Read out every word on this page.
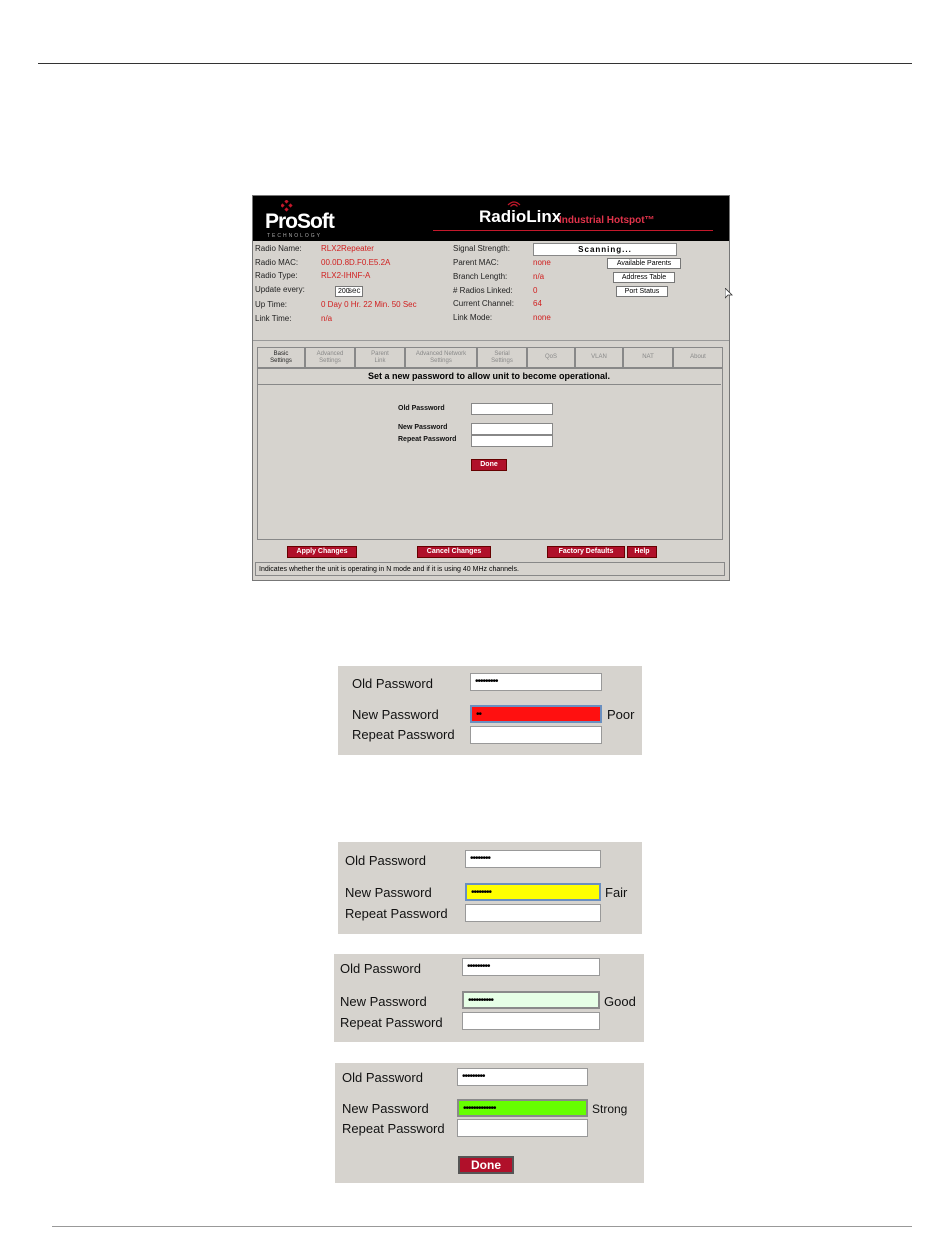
ProSoft
TECHNOLOGY
RadioLinx
Industrial Hotspot™
Radio Name: RLX2Repeater
Radio MAC:	00.0D.8D.F0.E5.2A
Radio Type:	RLX2-IHNF-A
Update every:	200
sec
Up Time:	0 Day 0 Hr. 22 Min. 50 Sec
Link Time:	n/a
Signal Strength:	Scanning...
Parent MAC:	none
Branch Length:	n/a
# Radios Linked:	0
Current Channel: 64
Link Mode:	none
Available Parents
Address Table
Port Status
Basic
Settings
Advanced
Settings
Parent
Link
Advanced Network
Settings
Serial
Settings
QoS	VLAN	NAT	About
Set a new password to allow unit to become operational.
Old Password
New Password
Repeat Password
Done
Apply Changes	Cancel Changes	Factory Defaults	Help
Indicates whether the unit is operating in N mode and if it is using 40 MHz channels.
Old Password	•••••••••
New Password	••	Poor
Repeat Password
Old Password	••••••••
New Password	••••••••	Fair
Repeat Password
Old Password	•••••••••
New Password	••••••••••	Good
Repeat Password
Old Password	•••••••••
New Password	•••••••••••••	Strong
Repeat Password
Done
